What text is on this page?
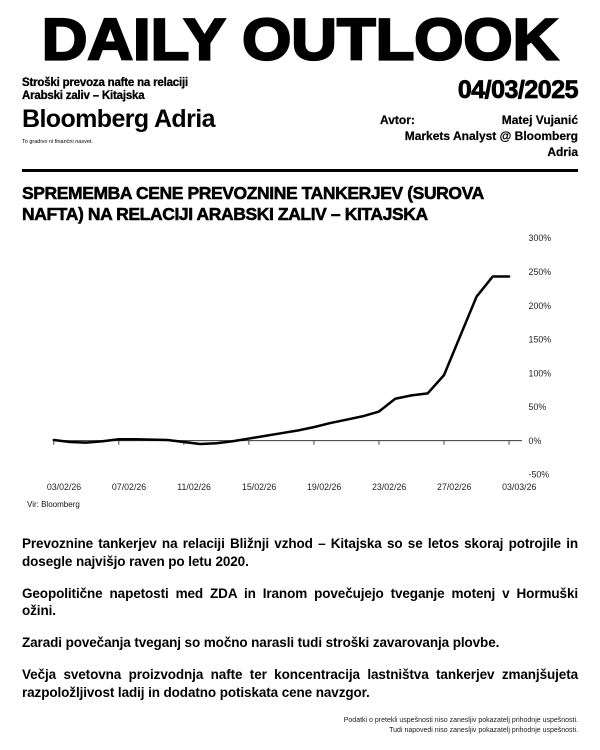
DAILY OUTLOOK
Stroški prevoza nafte na relaciji
Arabski zaliv – Kitajska	04/03/2025
Bloomberg Adria
To gradivo ni finančni nasvet.
Avtor:	Matej Vujanić
Markets Analyst @ Bloomberg Adria
SPREMEMBA CENE PREVOZNINE TANKERJEV (SUROVA
NAFTA) NA RELACIJI ARABSKI ZALIV – KITAJSKA
03/02/26	07/02/26	11/02/26	15/02/26	19/02/26	23/02/26	27/02/26	03/03/26
300%
250%
200%
150%
100%
50%
0%
-50%
Vir: Bloomberg

Prevoznine tankerjev na relaciji Bližnji vzhod – Kitajska so se letos skoraj potrojile in dosegle najvišjo raven po letu 2020.

Geopolitične napetosti med ZDA in Iranom povečujejo tveganje motenj v Hormuški ožini.

Zaradi povečanja tveganj so močno narasli tudi stroški zavarovanja plovbe.

Večja svetovna proizvodnja nafte ter koncentracija lastništva tankerjev zmanjšujeta razpoložljivost ladij in dodatno potiskata cene navzgor.

Podatki o pretekli uspešnosti niso zanesljiv pokazatelj prihodnje uspešnosti.
Tudi napovedi niso zanesljiv pokazatelj prihodnje uspešnosti.
